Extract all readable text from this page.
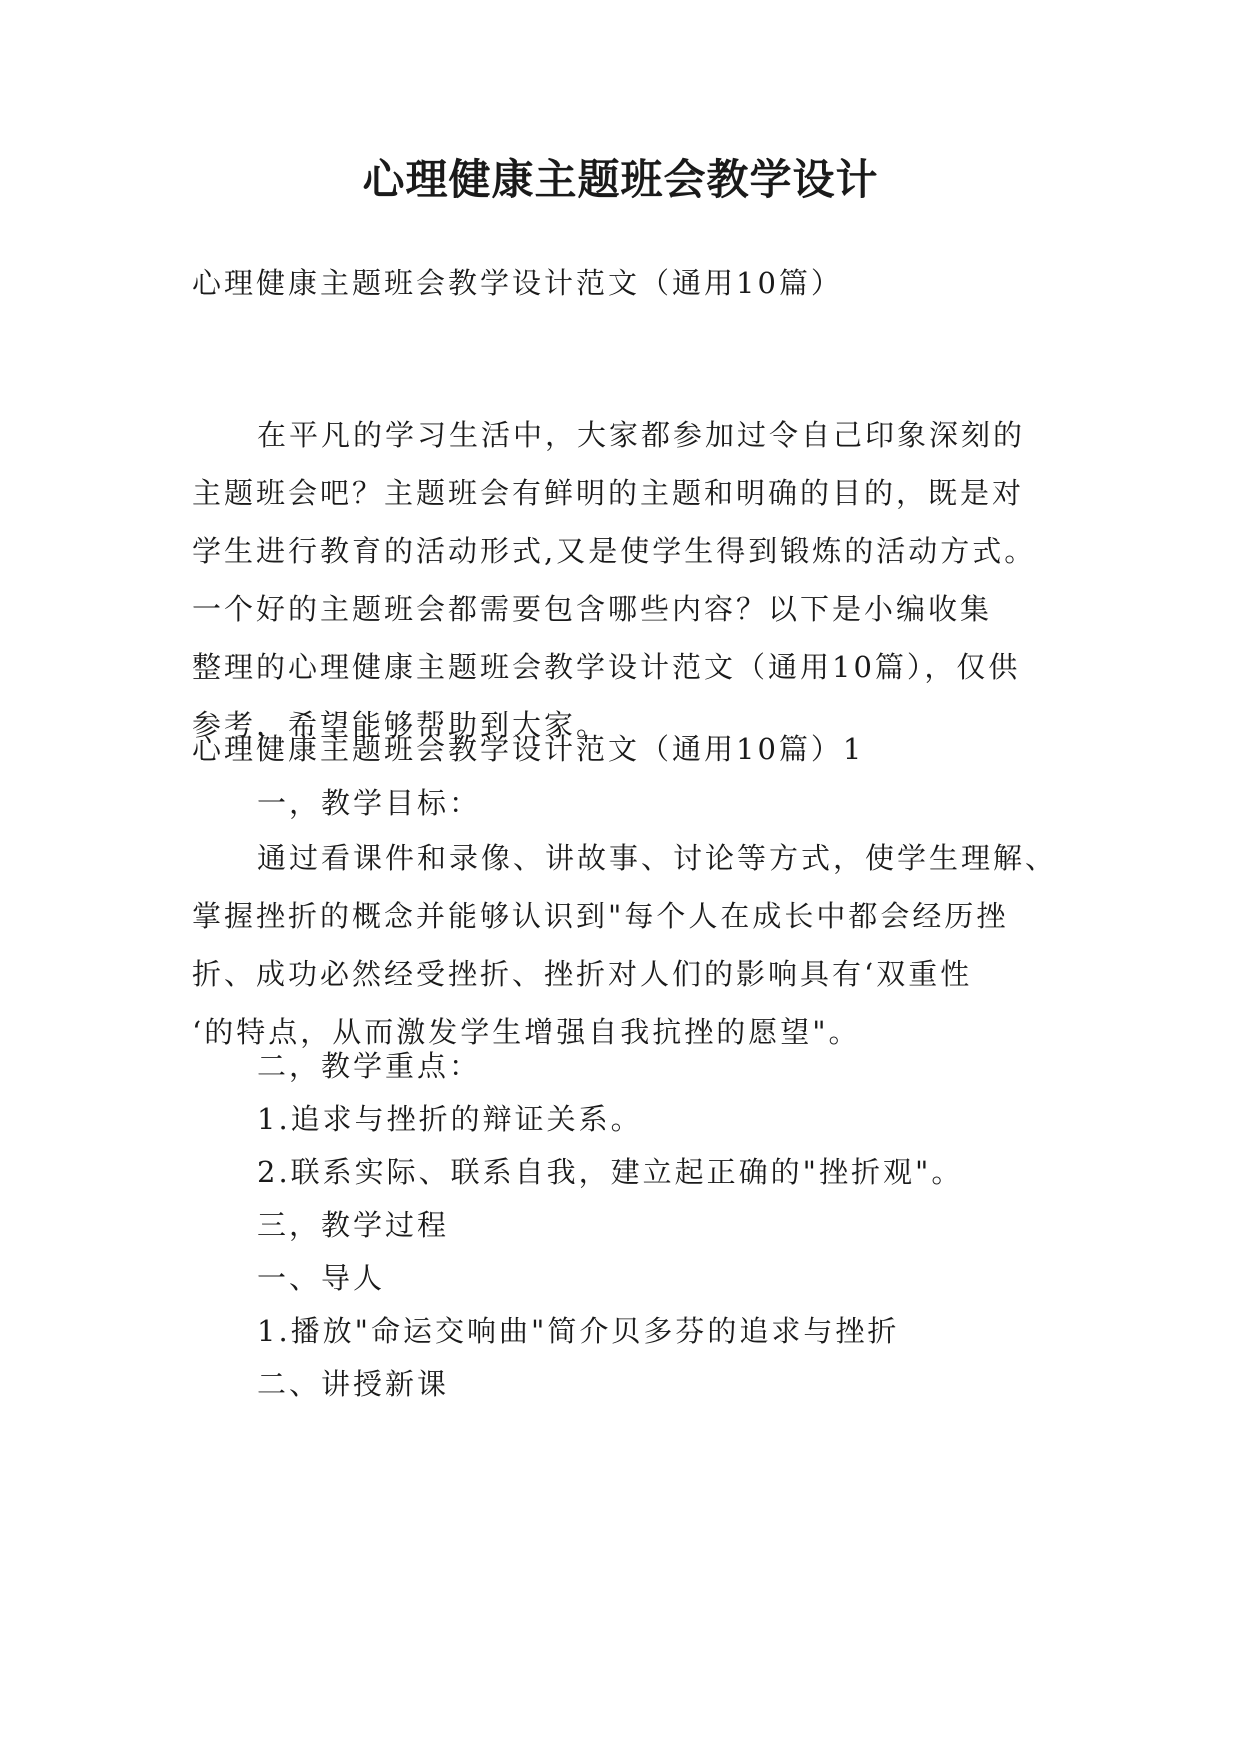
心理健康主题班会教学设计

心理健康主题班会教学设计范文（通用10篇）

在平凡的学习生活中，大家都参加过令自己印象深刻的
主题班会吧？主题班会有鲜明的主题和明确的目的，既是对
学生进行教育的活动形式,又是使学生得到锻炼的活动方式。
一个好的主题班会都需要包含哪些内容？以下是小编收集
整理的心理健康主题班会教学设计范文（通用10篇），仅供
参考，希望能够帮助到大家。

心理健康主题班会教学设计范文（通用10篇）1

一，教学目标：

通过看课件和录像、讲故事、讨论等方式，使学生理解、
掌握挫折的概念并能够认识到"每个人在成长中都会经历挫
折、成功必然经受挫折、挫折对人们的影响具有‘双重性
‘的特点，从而激发学生增强自我抗挫的愿望"。

二，教学重点：

1.追求与挫折的辩证关系。

2.联系实际、联系自我，建立起正确的"挫折观"。

三，教学过程

一、导人

1.播放"命运交响曲"简介贝多芬的追求与挫折

二、讲授新课
